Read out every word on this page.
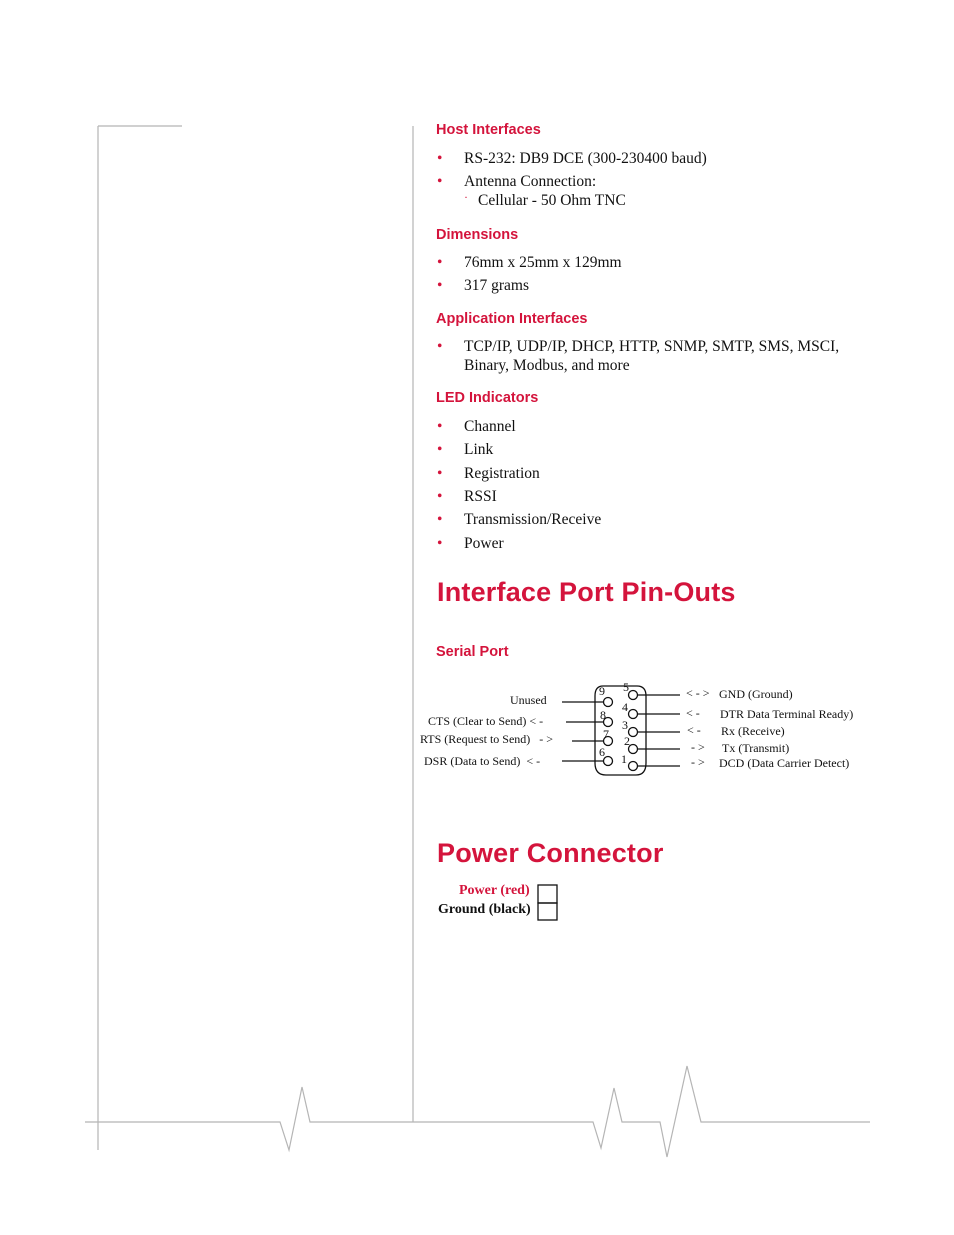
Host Interfaces
• RS-232: DB9 DCE (300-230400 baud)
• Antenna Connection:
· Cellular - 50 Ohm TNC
Dimensions
• 76mm x 25mm x 129mm
• 317 grams
Application Interfaces
• TCP/IP, UDP/IP, DHCP, HTTP, SNMP, SMTP, SMS, MSCI,
Binary, Modbus, and more
LED Indicators
• Channel
• Link
• Registration
• RSSI
• Transmission/Receive
• Power
Interface Port Pin-Outs
Serial Port
9
8
7
6
5
4
3
2
1
Unused
CTS (Clear to Send) < -
RTS (Request to Send)   - >
DSR (Data to Send)  < -
< - >
< -
< -
- >
- >
GND (Ground)
DTR Data Terminal Ready)
Rx (Receive)
Tx (Transmit)
DCD (Data Carrier Detect)
Power Connector
Power (red)
Ground (black)
